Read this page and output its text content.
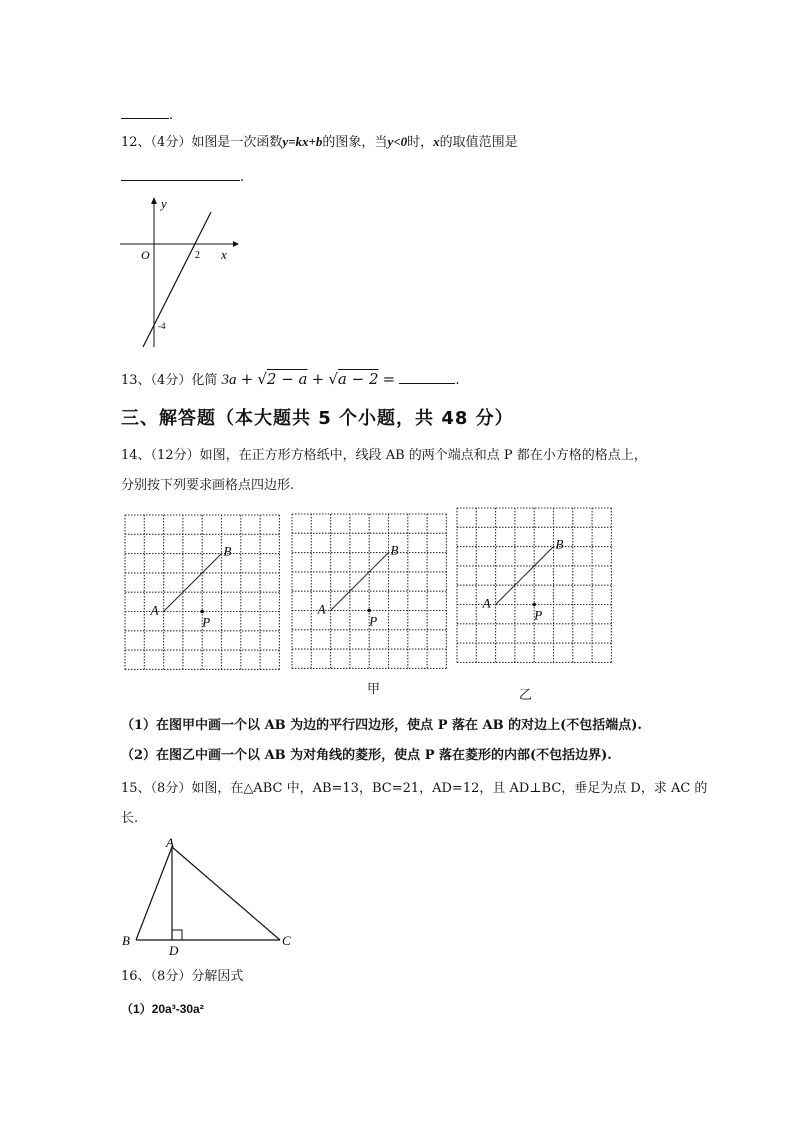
.
12、（4分）如图是一次函数y=kx+b的图象，当y<0时，x的取值范围是
.
y
x
O	2
-4
13、（4分）化简 3a + √2 − a + √a − 2 =	.
三、解答题（本大题共 5 个小题，共 48 分）
14、（12分）如图，在正方形方格纸中，线段 AB 的两个端点和点 P 都在小方格的格点上，
分别按下列要求画格点四边形.
A
B
P
A
B
P
A
B
P
甲	乙
（1）在图甲中画一个以 AB 为边的平行四边形，使点 P 落在 AB 的对边上(不包括端点).
（2）在图乙中画一个以 AB 为对角线的菱形，使点 P 落在菱形的内部(不包括边界).
15、（8分）如图，在△ABC 中，AB=13，BC=21，AD=12，且 AD⊥BC，垂足为点 D，求 AC 的
长.
A
B	C
D
16、（8分）分解因式
（1）20a³-30a²
